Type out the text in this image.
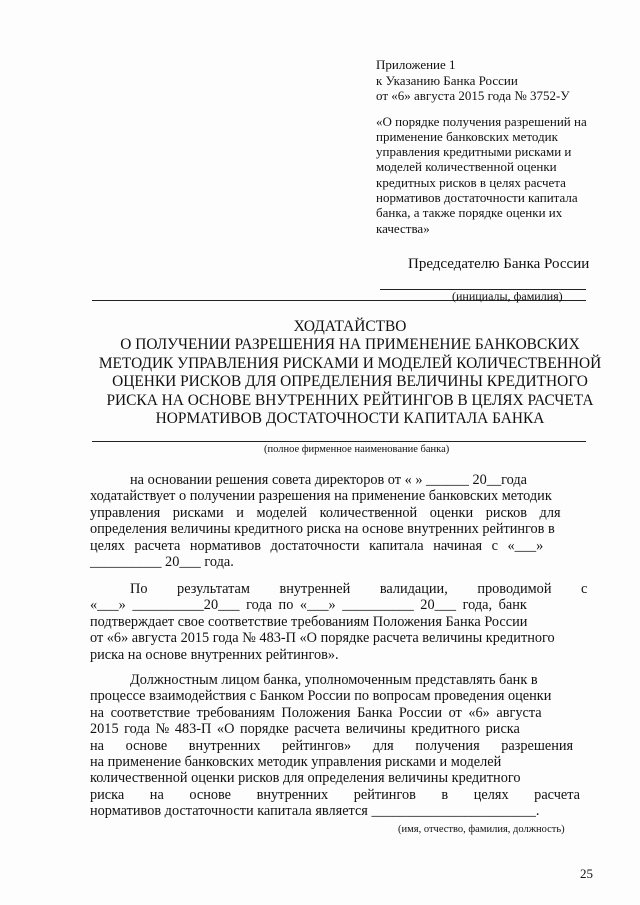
Приложение 1
к Указанию Банка России
от «6» августа 2015 года № 3752-У
«О порядке получения разрешений на
применение банковских методик
управления кредитными рисками и
моделей количественной оценки
кредитных рисков в целях расчета
нормативов достаточности капитала
банка, а также порядке оценки их
качества»
Председателю Банка России
(инициалы, фамилия)
ХОДАТАЙСТВО
О ПОЛУЧЕНИИ РАЗРЕШЕНИЯ НА ПРИМЕНЕНИЕ БАНКОВСКИХ
МЕТОДИК УПРАВЛЕНИЯ РИСКАМИ И МОДЕЛЕЙ КОЛИЧЕСТВЕННОЙ
ОЦЕНКИ РИСКОВ ДЛЯ ОПРЕДЕЛЕНИЯ ВЕЛИЧИНЫ КРЕДИТНОГО
РИСКА НА ОСНОВЕ ВНУТРЕННИХ РЕЙТИНГОВ В ЦЕЛЯХ РАСЧЕТА
НОРМАТИВОВ ДОСТАТОЧНОСТИ КАПИТАЛА БАНКА
(полное фирменное наименование банка)
на основании решения совета директоров от « » ______ 20__года
ходатайствует о получении разрешения на применение банковских методик
управления рисками и моделей количественной оценки рисков для
определения величины кредитного риска на основе внутренних рейтингов в
целях расчета нормативов достаточности капитала начиная с «___»
__________ 20___ года.
По результатам внутренней валидации, проводимой с
«___» __________20___ года по «___» __________ 20___ года, банк
подтверждает свое соответствие требованиям Положения Банка России
от «6» августа 2015 года № 483-П «О порядке расчета величины кредитного
риска на основе внутренних рейтингов».
Должностным лицом банка, уполномоченным представлять банк в
процессе взаимодействия с Банком России по вопросам проведения оценки
на соответствие требованиям Положения Банка России от «6» августа
2015 года № 483-П «О порядке расчета величины кредитного риска
на основе внутренних рейтингов» для получения разрешения
на применение банковских методик управления рисками и моделей
количественной оценки рисков для определения величины кредитного
риска на основе внутренних рейтингов в целях расчета
нормативов достаточности капитала является _______________________.
(имя, отчество, фамилия, должность)
25
